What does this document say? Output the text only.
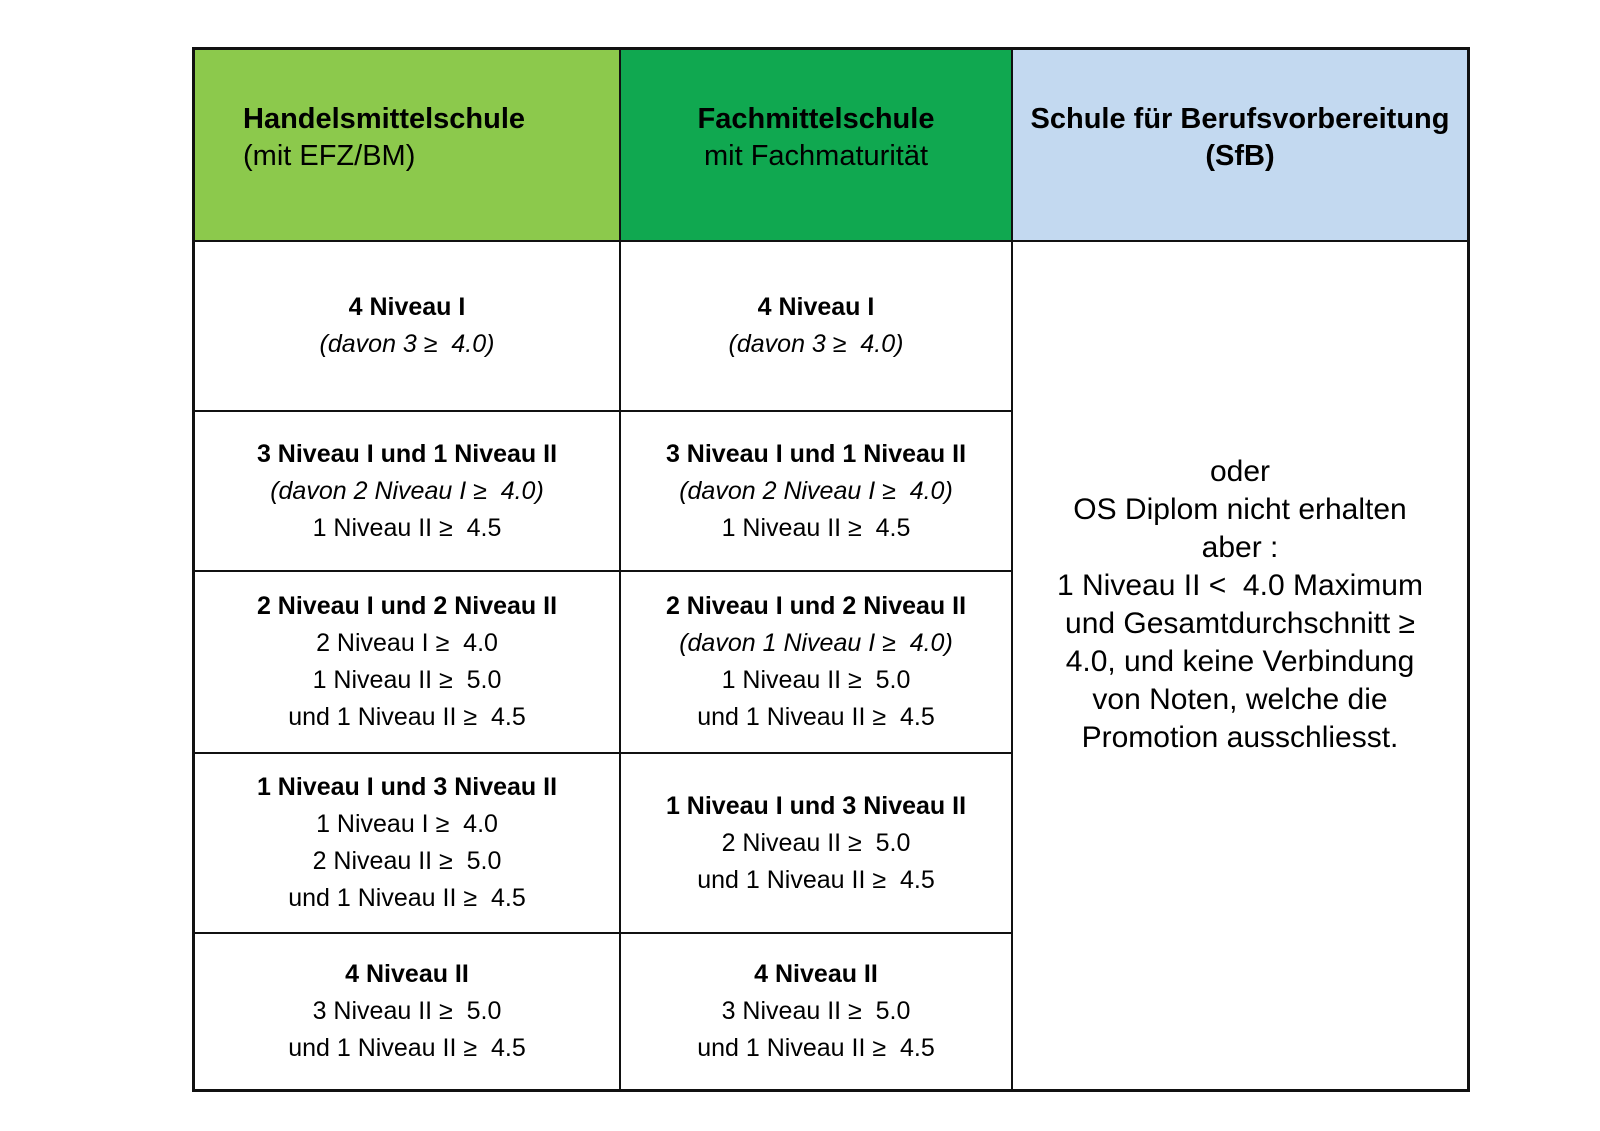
Handelsmittelschule
(mit EFZ/BM)
Fachmittelschule
mit Fachmaturität
Schule für Berufsvorbereitung (SfB)
4 Niveau I
(davon 3 ≥  4.0)
3 Niveau I und 1 Niveau II
(davon 2 Niveau I ≥  4.0)
1 Niveau II ≥  4.5
2 Niveau I und 2 Niveau II
2 Niveau I ≥  4.0
1 Niveau II ≥  5.0
und 1 Niveau II ≥  4.5
1 Niveau I und 3 Niveau II
1 Niveau I ≥  4.0
2 Niveau II ≥  5.0
und 1 Niveau II ≥  4.5
4 Niveau II
3 Niveau II ≥  5.0
und 1 Niveau II ≥  4.5
4 Niveau I
(davon 3 ≥  4.0)
3 Niveau I und 1 Niveau II
(davon 2 Niveau I ≥  4.0)
1 Niveau II ≥  4.5
2 Niveau I und 2 Niveau II
(davon 1 Niveau I ≥  4.0)
1 Niveau II ≥  5.0
und 1 Niveau II ≥  4.5
1 Niveau I und 3 Niveau II
2 Niveau II ≥  5.0
und 1 Niveau II ≥  4.5
4 Niveau II
3 Niveau II ≥  5.0
und 1 Niveau II ≥  4.5
oder
OS Diplom nicht erhalten
aber :
1 Niveau II <  4.0 Maximum
und Gesamtdurchschnitt ≥
4.0, und keine Verbindung
von Noten, welche die
Promotion ausschliesst.
